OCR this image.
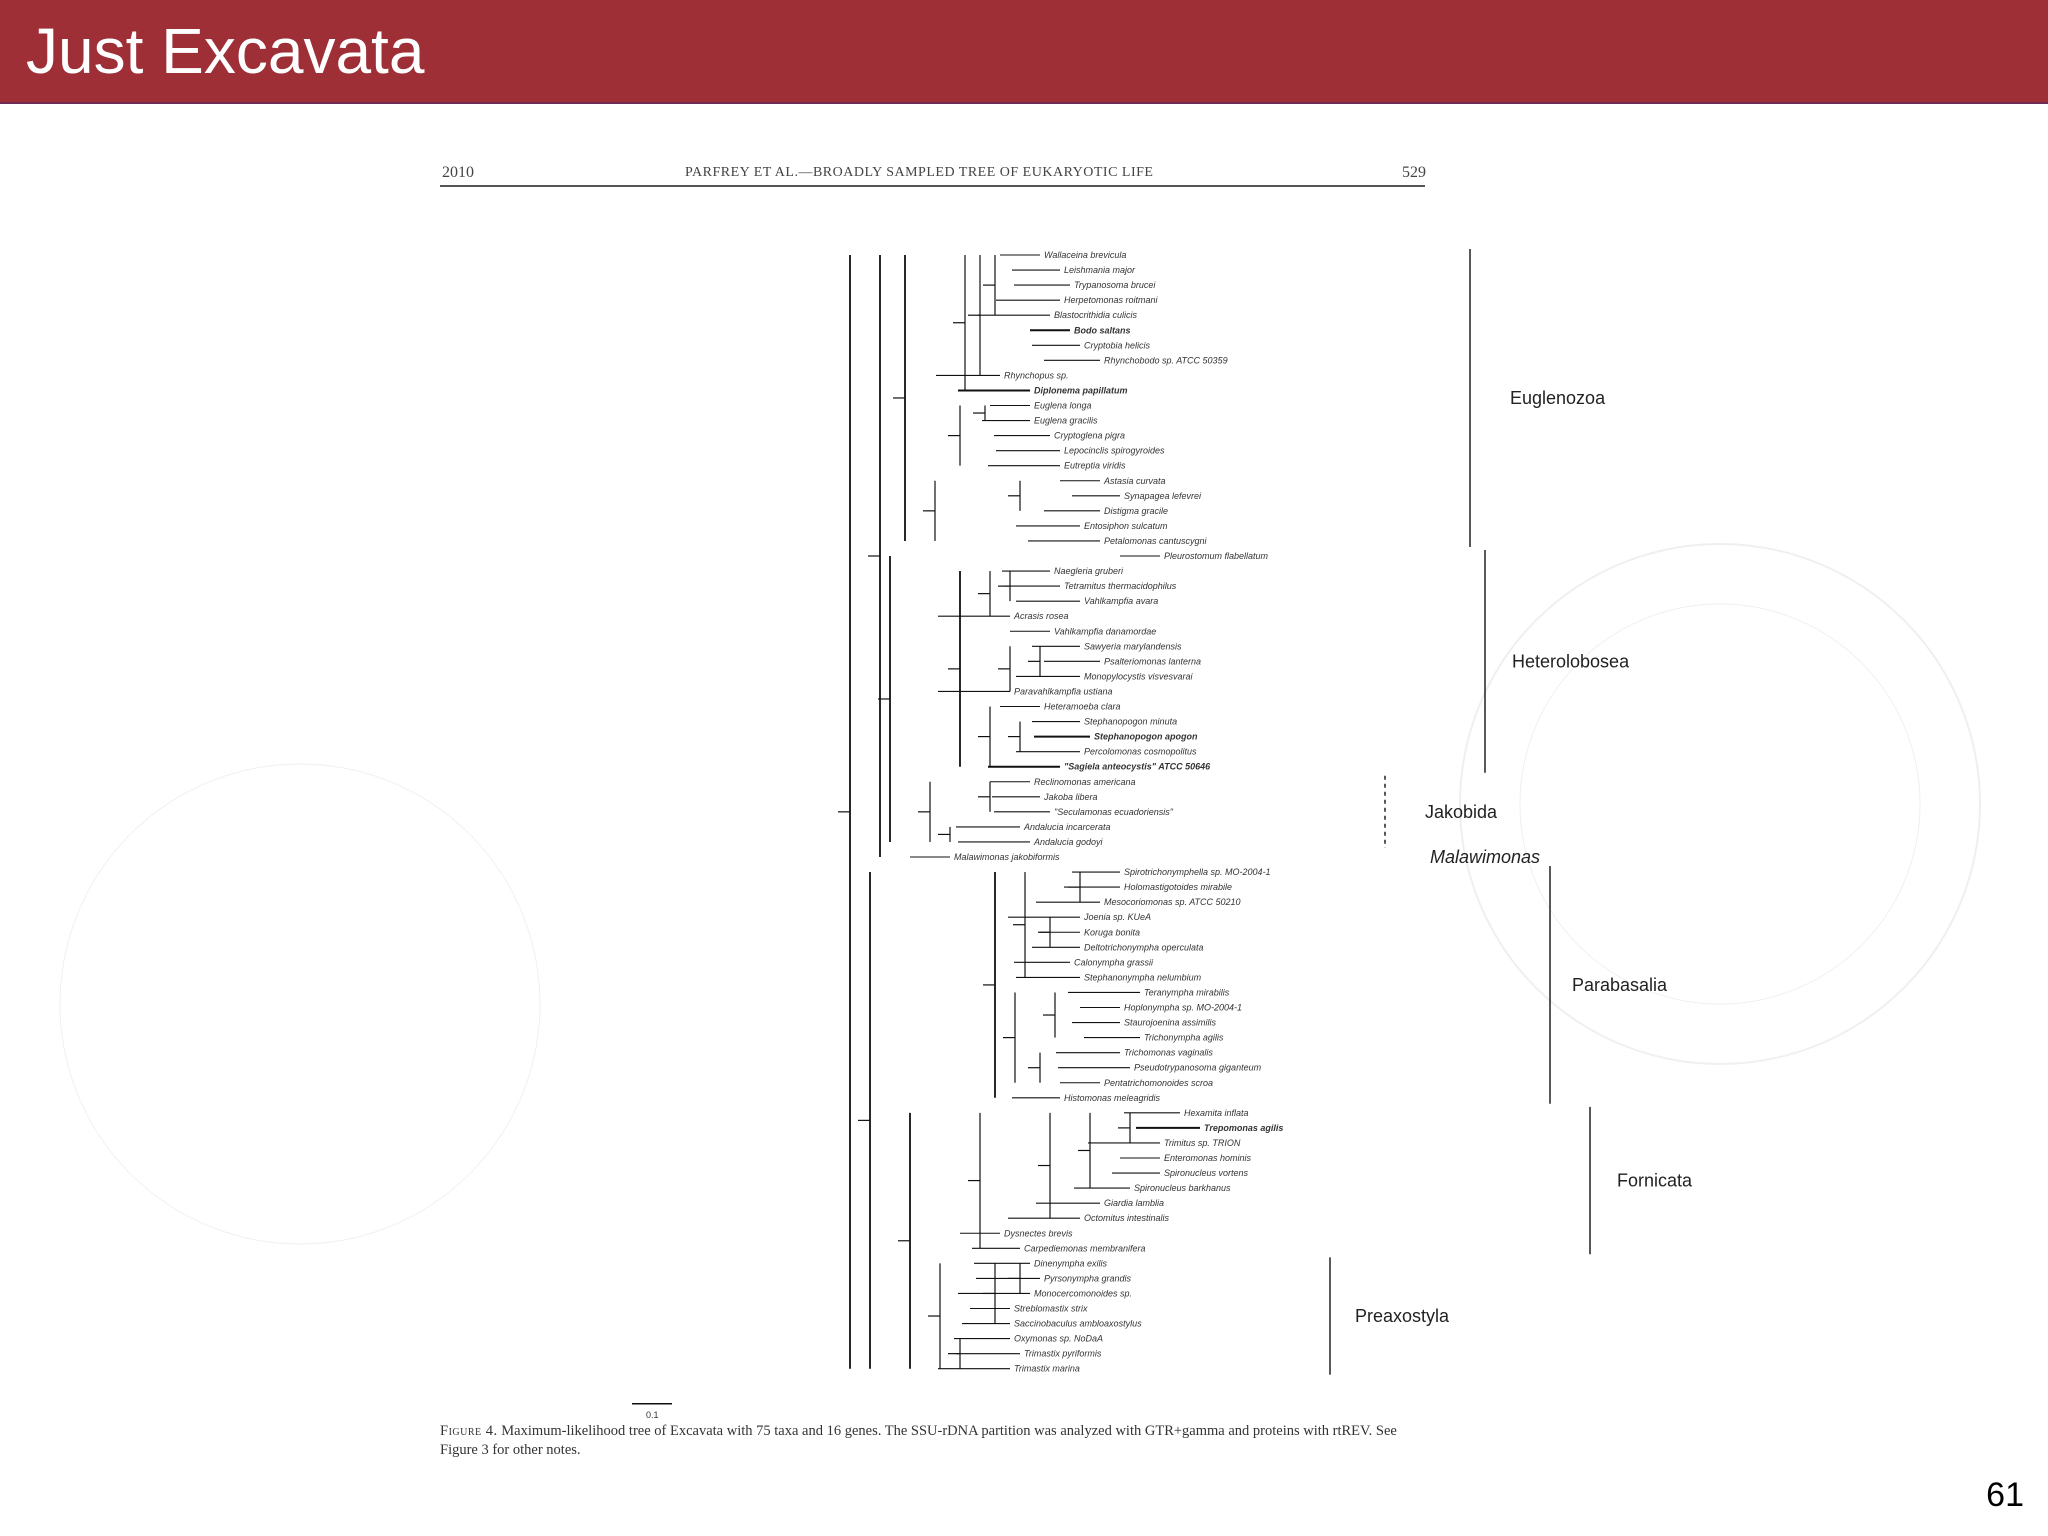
Just Excavata
2010	PARFREY ET AL.—BROADLY SAMPLED TREE OF EUKARYOTIC LIFE	529
Wallaceina brevicula
Leishmania major
Trypanosoma brucei
Herpetomonas roitmani
Blastocrithidia culicis
Bodo saltans
Cryptobia helicis
Rhynchobodo sp. ATCC 50359
Rhynchopus sp.
Diplonema papillatum
Euglena longa
Euglena gracilis
Cryptoglena pigra
Lepocinclis spirogyroides
Eutreptia viridis
Astasia curvata
Synapagea lefevrei
Distigma gracile
Entosiphon sulcatum
Petalomonas cantuscygni
Pleurostomum flabellatum
Naegleria gruberi
Tetramitus thermacidophilus
Vahlkampfia avara
Acrasis rosea
Vahlkampfia danamordae
Sawyeria marylandensis
Psalteriomonas lanterna
Monopylocystis visvesvarai
Paravahlkampfia ustiana
Heteramoeba clara
Stephanopogon minuta
Stephanopogon apogon
Percolomonas cosmopolitus
"Sagiela anteocystis" ATCC 50646
Reclinomonas americana
Jakoba libera
"Seculamonas ecuadoriensis"
Andalucia incarcerata
Andalucia godoyi
Malawimonas jakobiformis
Spirotrichonymphella sp. MO-2004-1
Holomastigotoides mirabile
Mesocoriomonas sp. ATCC 50210
Joenia sp. KUeA
Koruga bonita
Deltotrichonympha operculata
Calonympha grassii
Stephanonympha nelumbium
Teranympha mirabilis
Hoplonympha sp. MO-2004-1
Staurojoenina assimilis
Trichonympha agilis
Trichomonas vaginalis
Pseudotrypanosoma giganteum
Pentatrichomonoides scroa
Histomonas meleagridis
Hexamita inflata
Trepomonas agilis
Trimitus sp. TRION
Enteromonas hominis
Spironucleus vortens
Spironucleus barkhanus
Giardia lamblia
Octomitus intestinalis
Dysnectes brevis
Carpediemonas membranifera
Dinenympha exilis
Pyrsonympha grandis
Monocercomonoides sp.
Streblomastix strix
Saccinobaculus ambloaxostylus
Oxymonas sp. NoDaA
Trimastix pyriformis
Trimastix marina
Euglenozoa
Heterolobosea
Jakobida
Malawimonas
Parabasalia
Fornicata
Preaxostyla
0.1
Figure 4. Maximum-likelihood tree of Excavata with 75 taxa and 16 genes. The SSU-rDNA partition was analyzed with GTR+gamma and proteins with rtREV. See Figure 3 for other notes.
61
